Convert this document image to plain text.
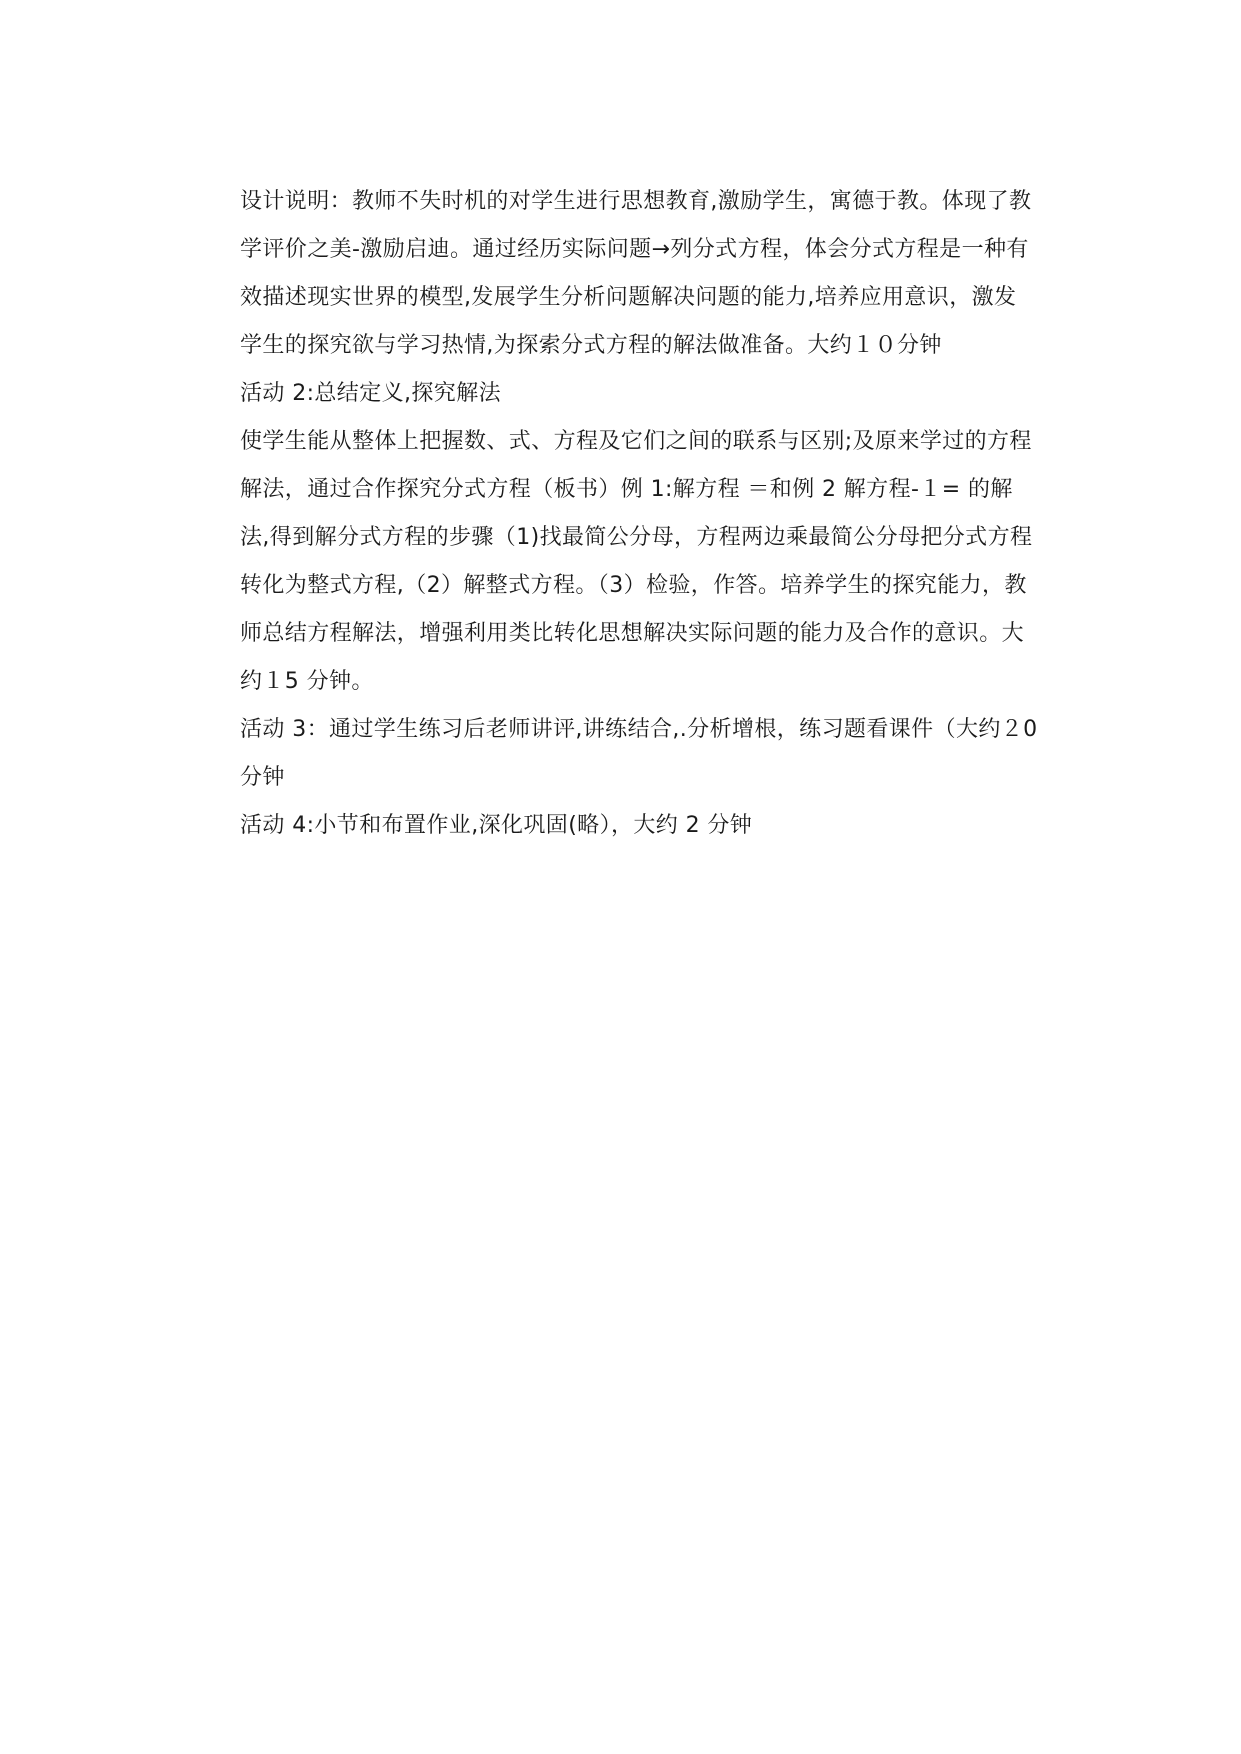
设计说明：教师不失时机的对学生进行思想教育,激励学生，寓德于教。体现了教
学评价之美-激励启迪。通过经历实际问题→列分式方程，体会分式方程是一种有
效描述现实世界的模型,发展学生分析问题解决问题的能力,培养应用意识，激发
学生的探究欲与学习热情,为探索分式方程的解法做准备。大约１０分钟
活动 2:总结定义,探究解法
使学生能从整体上把握数、式、方程及它们之间的联系与区别;及原来学过的方程
解法，通过合作探究分式方程（板书）例 1:解方程 ＝和例 2 解方程-１= 的解
法,得到解分式方程的步骤（1)找最简公分母，方程两边乘最简公分母把分式方程
转化为整式方程,（2）解整式方程。（3）检验，作答。培养学生的探究能力，教
师总结方程解法，增强利用类比转化思想解决实际问题的能力及合作的意识。大
约１5 分钟。
活动 3：通过学生练习后老师讲评,讲练结合,.分析增根，练习题看课件（大约２0
分钟
活动 4:小节和布置作业,深化巩固(略），大约 2 分钟
